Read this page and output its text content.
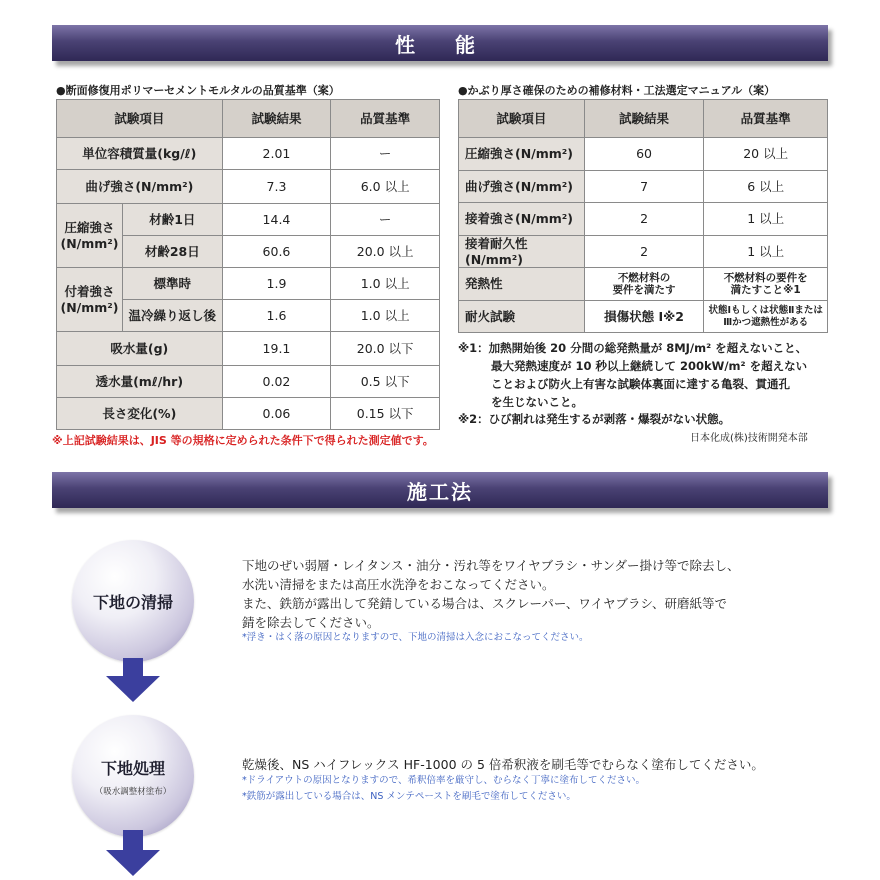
性　能
●断面修復用ポリマーセメントモルタルの品質基準（案）
試験項目		試験結果	品質基準
単位容積質量(kg/ℓ)		2.01	ー
曲げ強さ(N/mm²)		7.3	6.0 以上
圧縮強さ
(N/mm²)	材齢1日	14.4	ー
	材齢28日	60.6	20.0 以上
付着強さ
(N/mm²)	標準時	1.9	1.0 以上
	温冷繰り返し後	1.6	1.0 以上
吸水量(g)		19.1	20.0 以下
透水量(mℓ/hr)		0.02	0.5 以下
長さ変化(%)		0.06	0.15 以下
※上記試験結果は、JIS 等の規格に定められた条件下で得られた測定値です。
●かぶり厚さ確保のための補修材料・工法選定マニュアル（案）
試験項目	試験結果	品質基準
圧縮強さ(N/mm²)	60	20 以上
曲げ強さ(N/mm²)	7	6 以上
接着強さ(N/mm²)	2	1 以上
接着耐久性(N/mm²)	2	1 以上
発熱性	不燃材料の
要件を満たす	不燃材料の要件を
満たすこと※1
耐火試験	損傷状態 Ⅰ※2	状態Ⅰもしくは状態Ⅱまたは
Ⅲかつ遮熱性がある
※1：加熱開始後 20 分間の総発熱量が 8MJ/m² を超えないこと、
最大発熱速度が 10 秒以上継続して 200kW/m² を超えない
ことおよび防火上有害な試験体裏面に達する亀裂、貫通孔
を生じないこと。
※2：ひび割れは発生するが剥落・爆裂がない状態。
日本化成(株)技術開発本部
施工法
下地の清掃
下地のぜい弱層・レイタンス・油分・汚れ等をワイヤブラシ・サンダー掛け等で除去し、
水洗い清掃をまたは高圧水洗浄をおこなってください。
また、鉄筋が露出して発錆している場合は、スクレーパー、ワイヤブラシ、研磨紙等で
錆を除去してください。
*浮き・はく落の原因となりますので、下地の清掃は入念におこなってください。
下地処理
（吸水調整材塗布）
乾燥後、NS ハイフレックス HF-1000 の 5 倍希釈液を刷毛等でむらなく塗布してください。
*ドライアウトの原因となりますので、希釈倍率を厳守し、むらなく丁寧に塗布してください。
*鉄筋が露出している場合は、NS メンテペーストを刷毛で塗布してください。
